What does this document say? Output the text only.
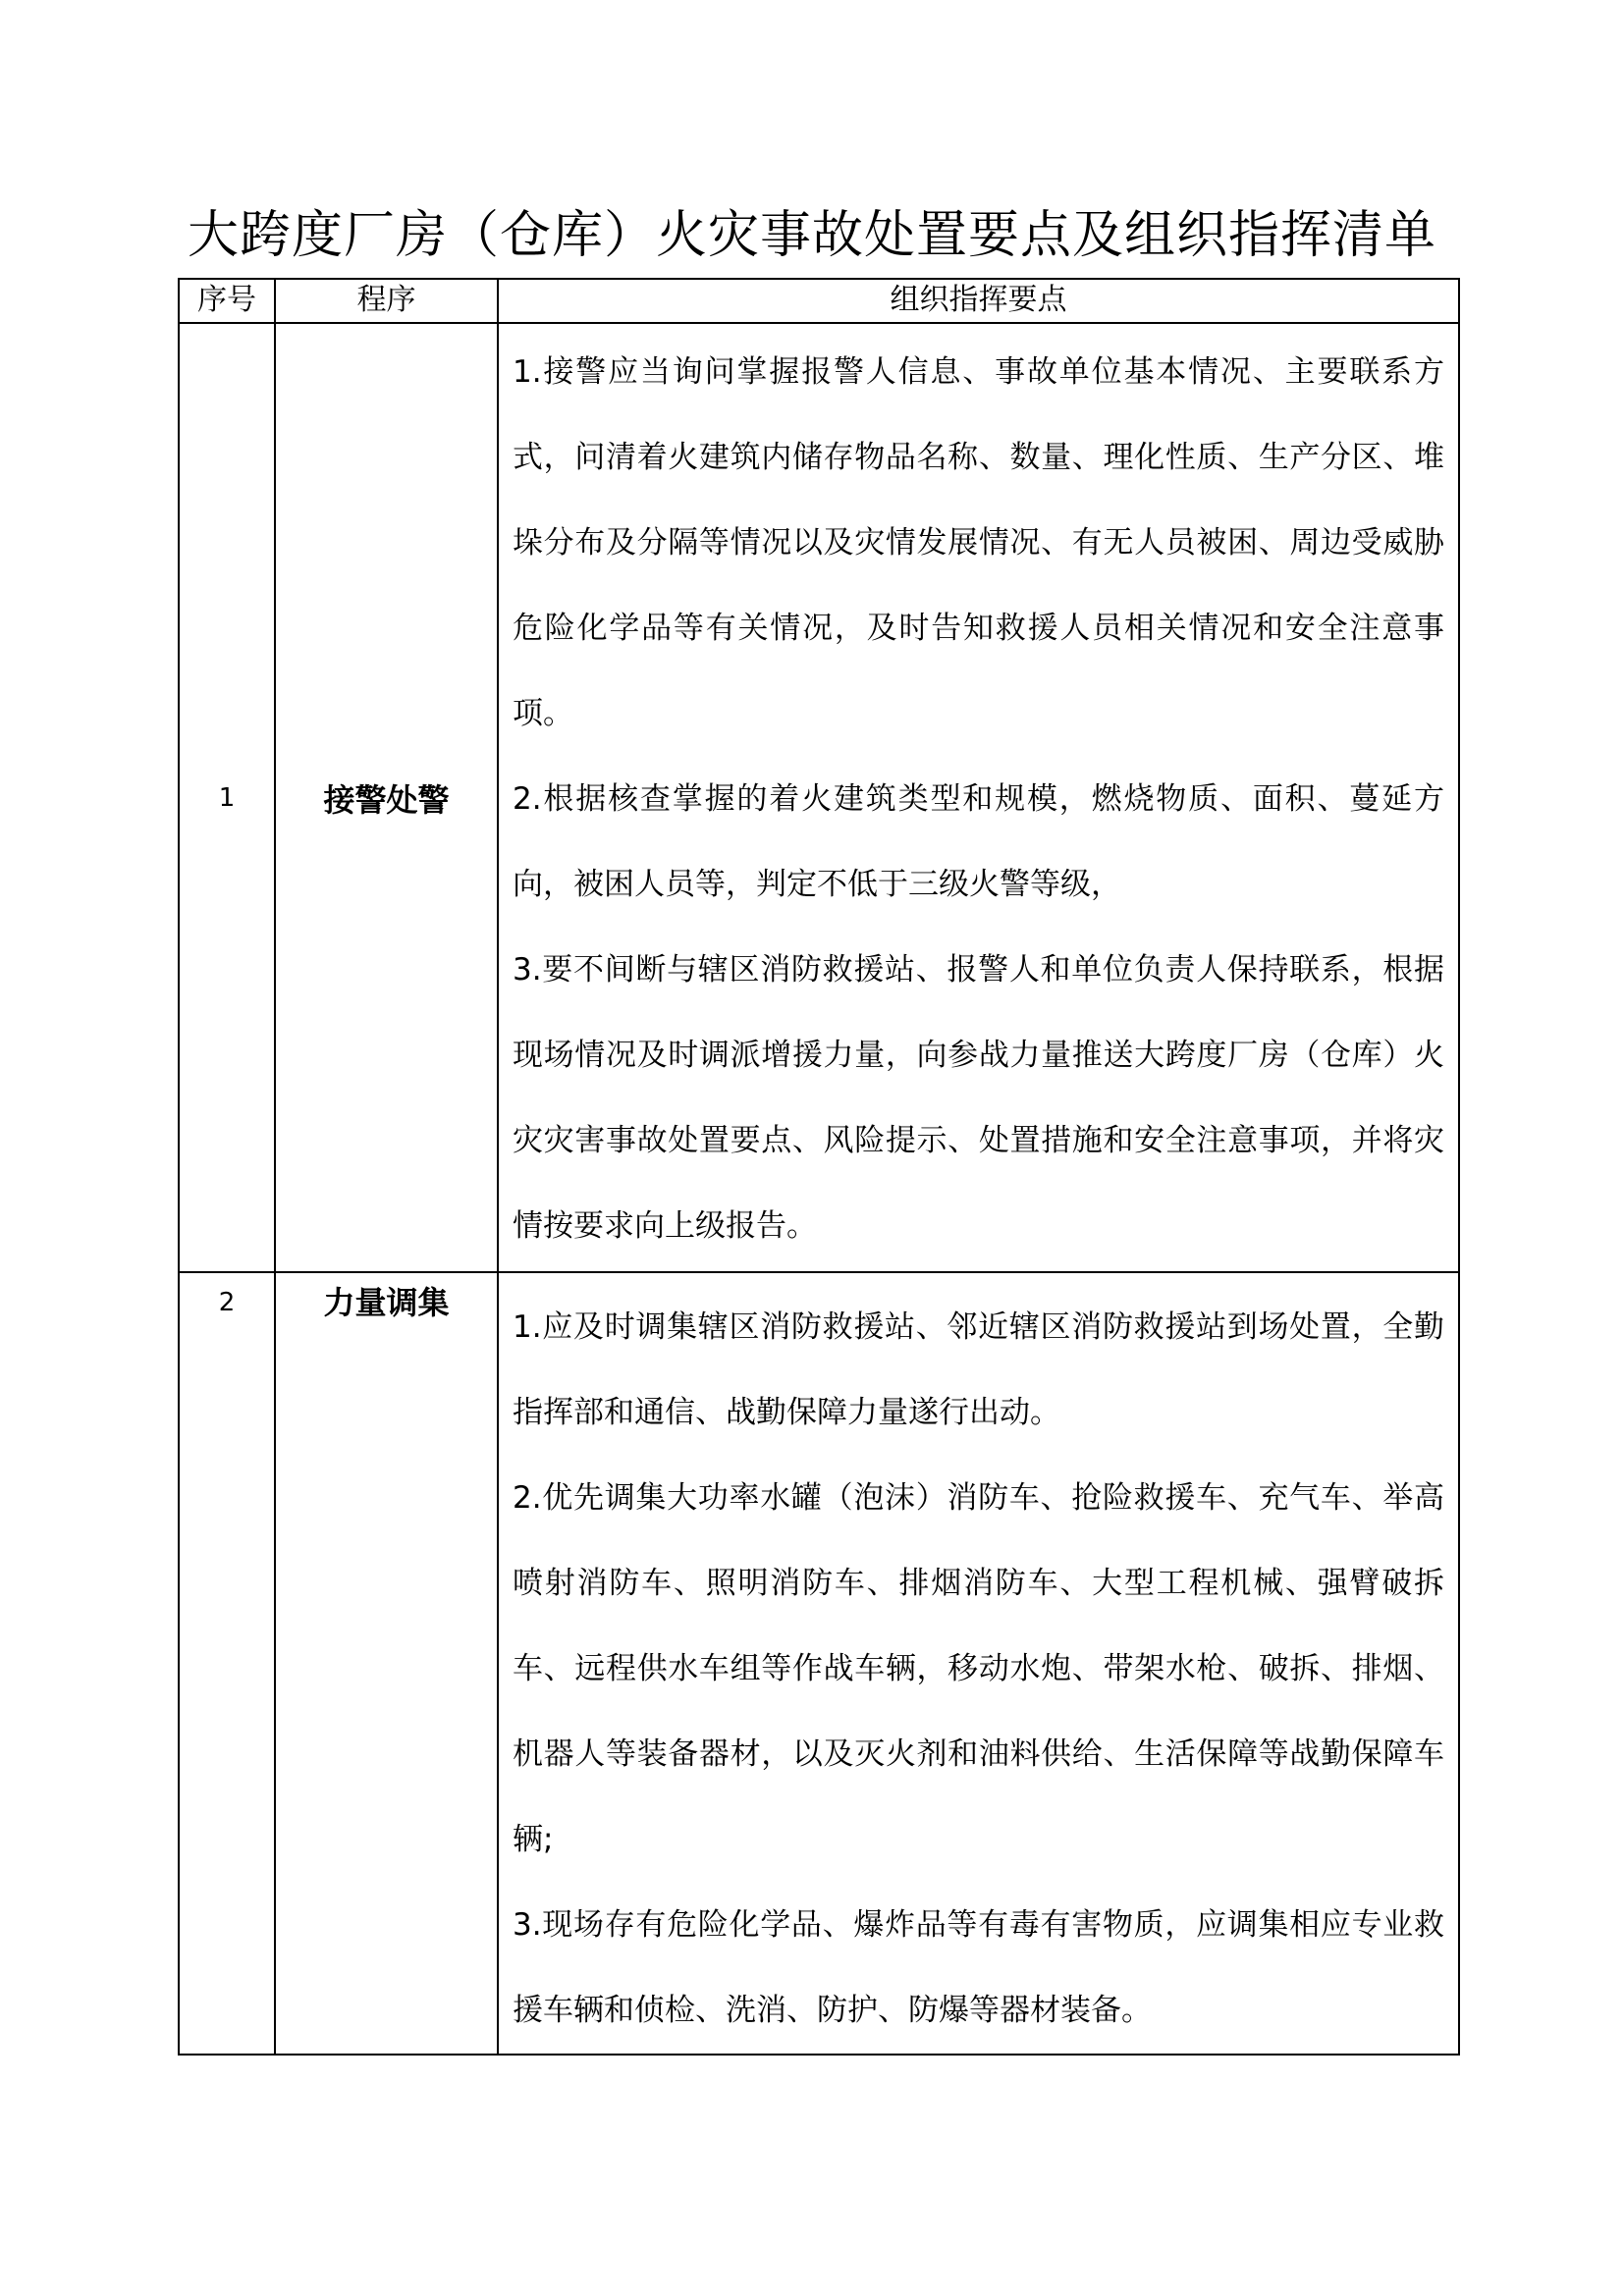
大跨度厂房（仓库）火灾事故处置要点及组织指挥清单
序号	程序	组织指挥要点
1	接警处警	1.接警应当询问掌握报警人信息、事故单位基本情况、主要联系方式，问清着火建筑内储存物品名称、数量、理化性质、生产分区、堆垛分布及分隔等情况以及灾情发展情况、有无人员被困、周边受威胁危险化学品等有关情况，及时告知救援人员相关情况和安全注意事项。

2.根据核查掌握的着火建筑类型和规模，燃烧物质、面积、蔓延方向，被困人员等，判定不低于三级火警等级，

3.要不间断与辖区消防救援站、报警人和单位负责人保持联系，根据现场情况及时调派增援力量，向参战力量推送大跨度厂房（仓库）火灾灾害事故处置要点、风险提示、处置措施和安全注意事项，并将灾情按要求向上级报告。

2	力量调集	1.应及时调集辖区消防救援站、邻近辖区消防救援站到场处置，全勤指挥部和通信、战勤保障力量遂行出动。

2.优先调集大功率水罐（泡沫）消防车、抢险救援车、充气车、举高喷射消防车、照明消防车、排烟消防车、大型工程机械、强臂破拆车、远程供水车组等作战车辆，移动水炮、带架水枪、破拆、排烟、机器人等装备器材，以及灭火剂和油料供给、生活保障等战勤保障车辆;

3.现场存有危险化学品、爆炸品等有毒有害物质，应调集相应专业救援车辆和侦检、洗消、防护、防爆等器材装备。
